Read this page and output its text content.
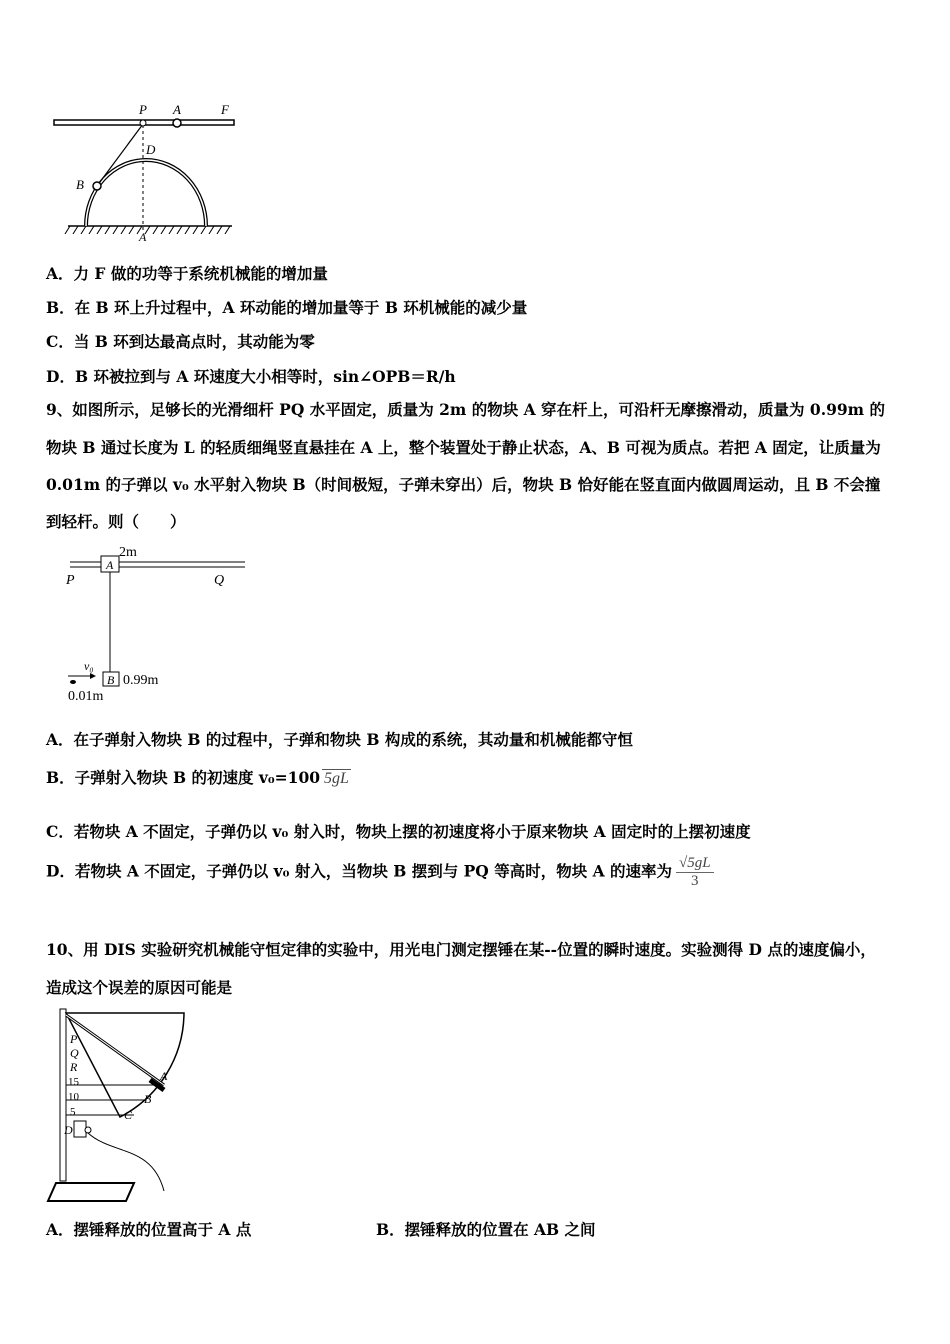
P A	F
D
B
A
A．力 F 做的功等于系统机械能的增加量
B．在 B 环上升过程中，A 环动能的增加量等于 B 环机械能的减少量
C．当 B 环到达最高点时，其动能为零
D．B 环被拉到与 A 环速度大小相等时，sin∠OPB＝R/h
9、如图所示，足够长的光滑细杆 PQ 水平固定，质量为 2m 的物块 A 穿在杆上，可沿杆无摩擦滑动，质量为 0.99m 的
物块 B 通过长度为 L 的轻质细绳竖直悬挂在 A 上，整个装置处于静止状态，A、B 可视为质点。若把 A 固定，让质量为
0.01m 的子弹以 v₀ 水平射入物块 B（时间极短，子弹未穿出）后，物块 B 恰好能在竖直面内做圆周运动，且 B 不会撞
到轻杆。则（　　）
2m
P	Q
A
B
v₀
0.99m
0.01m
A．在子弹射入物块 B 的过程中，子弹和物块 B 构成的系统，其动量和机械能都守恒
B．子弹射入物块 B 的初速度 v₀=100 5gL
C．若物块 A 不固定，子弹仍以 v₀ 射入时，物块上摆的初速度将小于原来物块 A 固定时的上摆初速度
D．若物块 A 不固定，子弹仍以 v₀ 射入，当物块 B 摆到与 PQ 等高时，物块 A 的速率为 $\frac{√5gL}{3}$
10、用 DIS 实验研究机械能守恒定律的实验中，用光电门测定摆锤在某--位置的瞬时速度。实验测得 D 点的速度偏小，
造成这个误差的原因可能是
P
Q
R
15
10
5
A
B
C
D
A．摆锤释放的位置高于 A 点	B．摆锤释放的位置在 AB 之间
